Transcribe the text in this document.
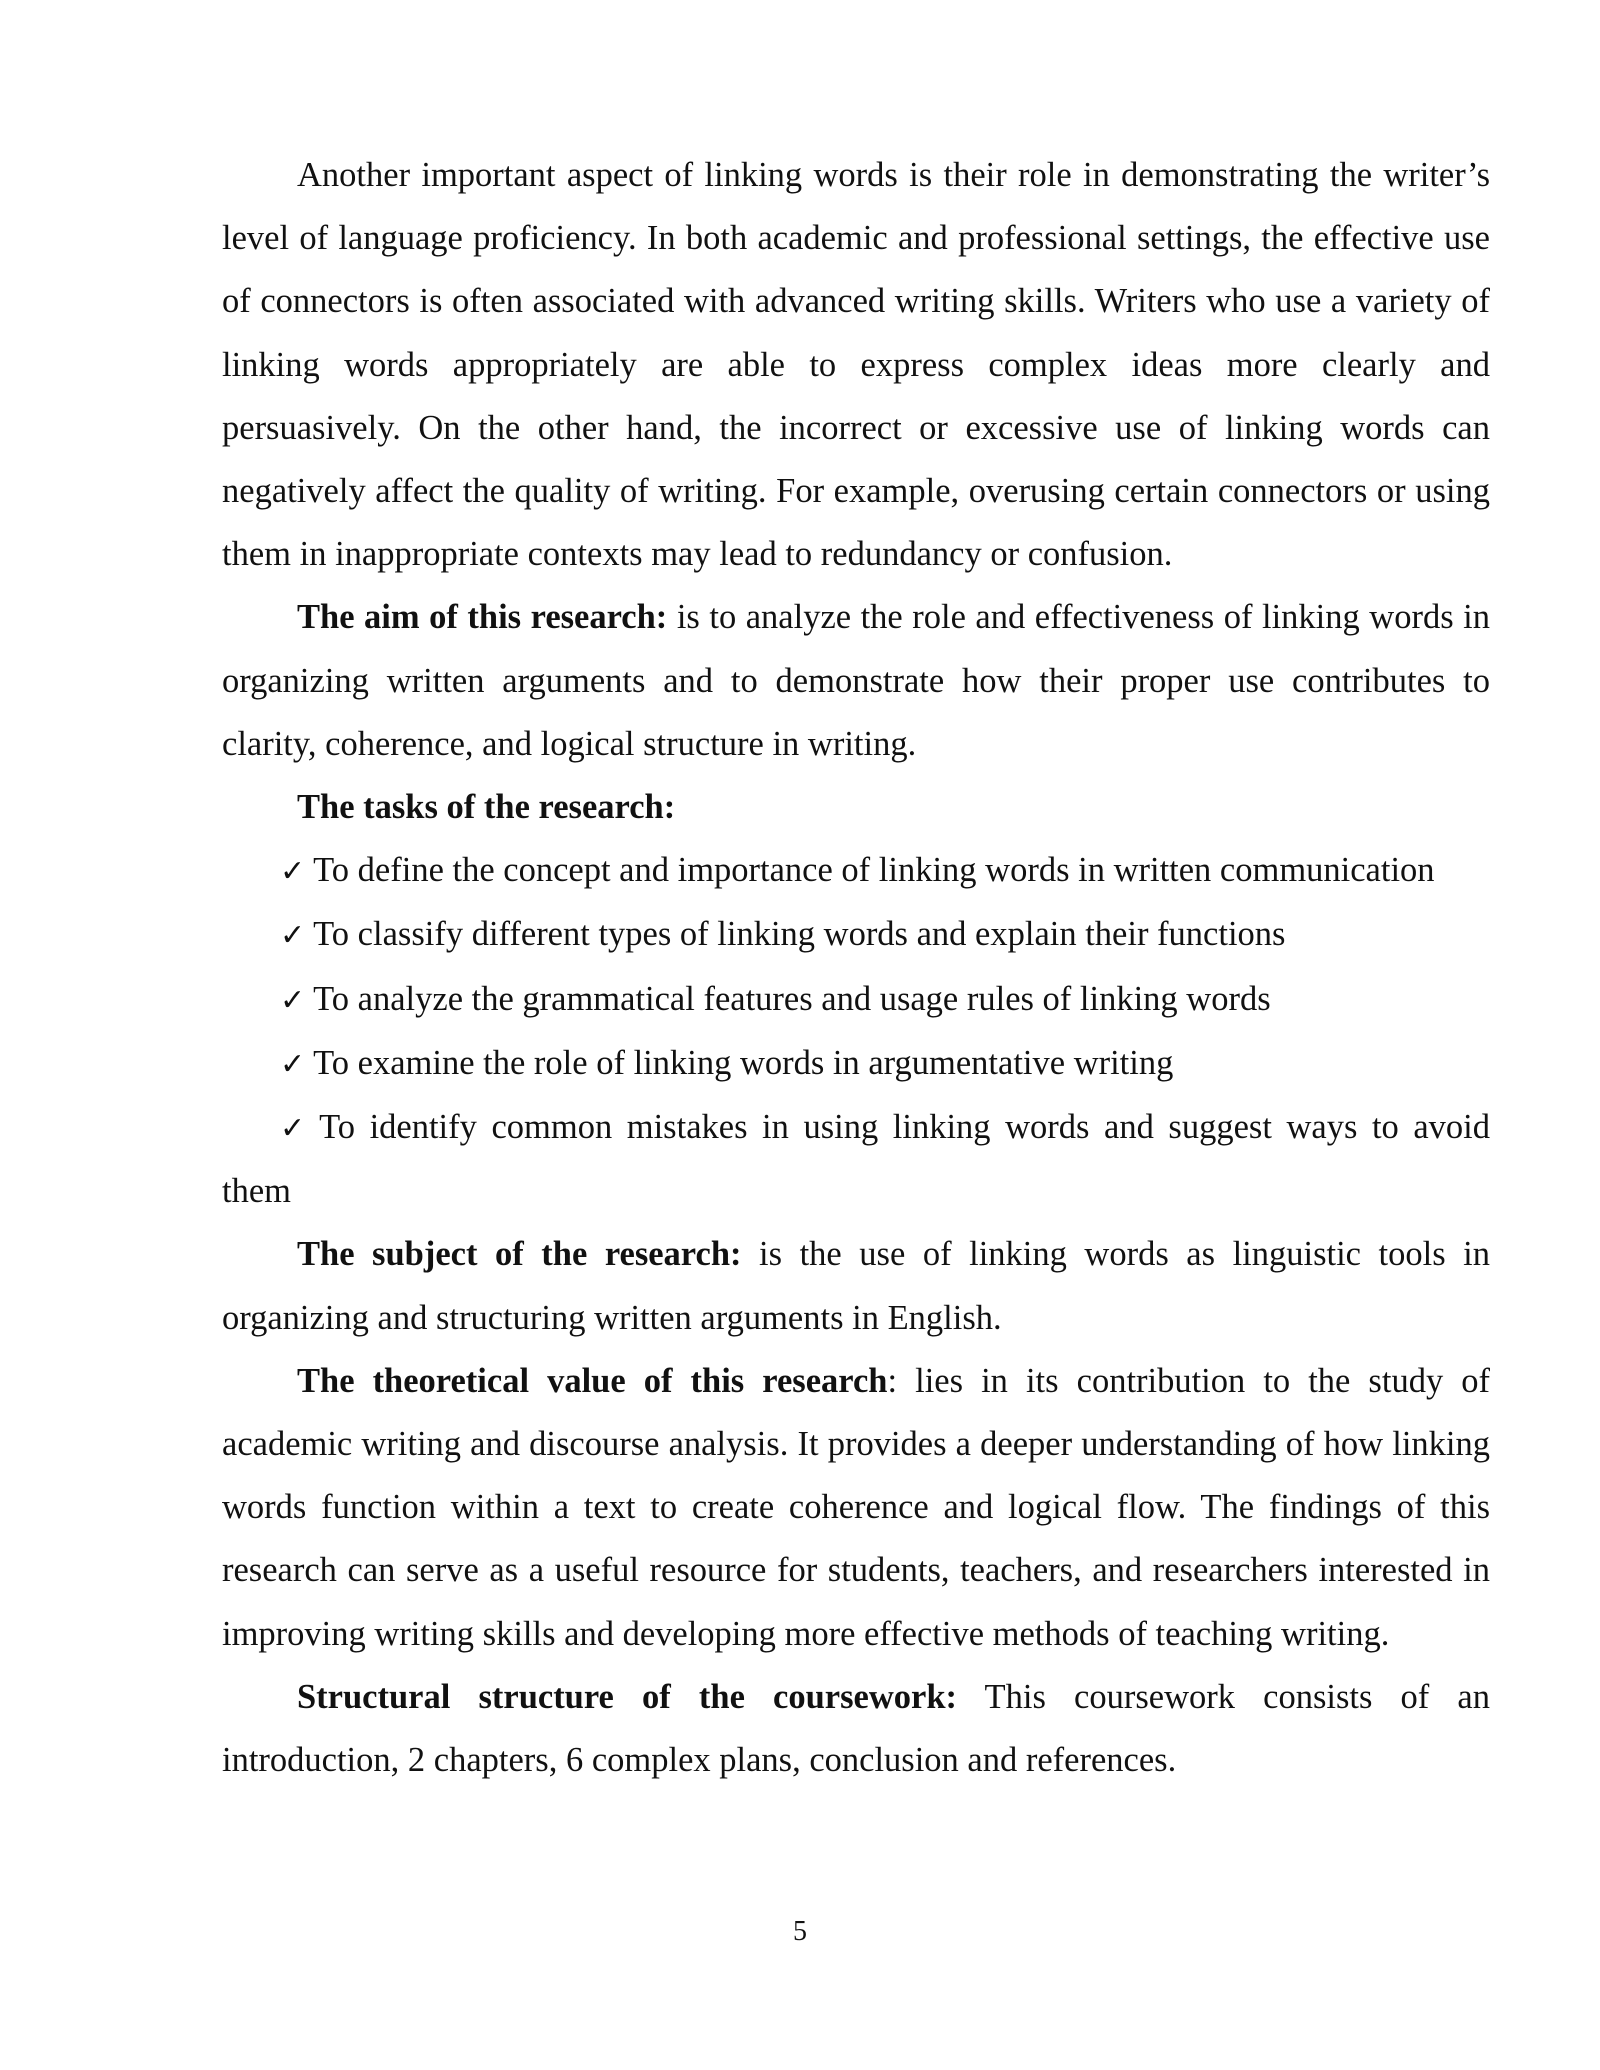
Another important aspect of linking words is their role in demonstrating the writer’s level of language proficiency. In both academic and professional settings, the effective use of connectors is often associated with advanced writing skills. Writers who use a variety of linking words appropriately are able to express complex ideas more clearly and persuasively. On the other hand, the incorrect or excessive use of linking words can negatively affect the quality of writing. For example, overusing certain connectors or using them in inappropriate contexts may lead to redundancy or confusion.

The aim of this research: is to analyze the role and effectiveness of linking words in organizing written arguments and to demonstrate how their proper use contributes to clarity, coherence, and logical structure in writing.

The tasks of the research:

✓ To define the concept and importance of linking words in written communication
✓ To classify different types of linking words and explain their functions
✓ To analyze the grammatical features and usage rules of linking words
✓ To examine the role of linking words in argumentative writing
✓ To identify common mistakes in using linking words and suggest ways to avoid them

The subject of the research: is the use of linking words as linguistic tools in organizing and structuring written arguments in English.

The theoretical value of this research: lies in its contribution to the study of academic writing and discourse analysis. It provides a deeper understanding of how linking words function within a text to create coherence and logical flow. The findings of this research can serve as a useful resource for students, teachers, and researchers interested in improving writing skills and developing more effective methods of teaching writing.

Structural structure of the coursework: This coursework consists of an introduction, 2 chapters, 6 complex plans, conclusion and references.

5
